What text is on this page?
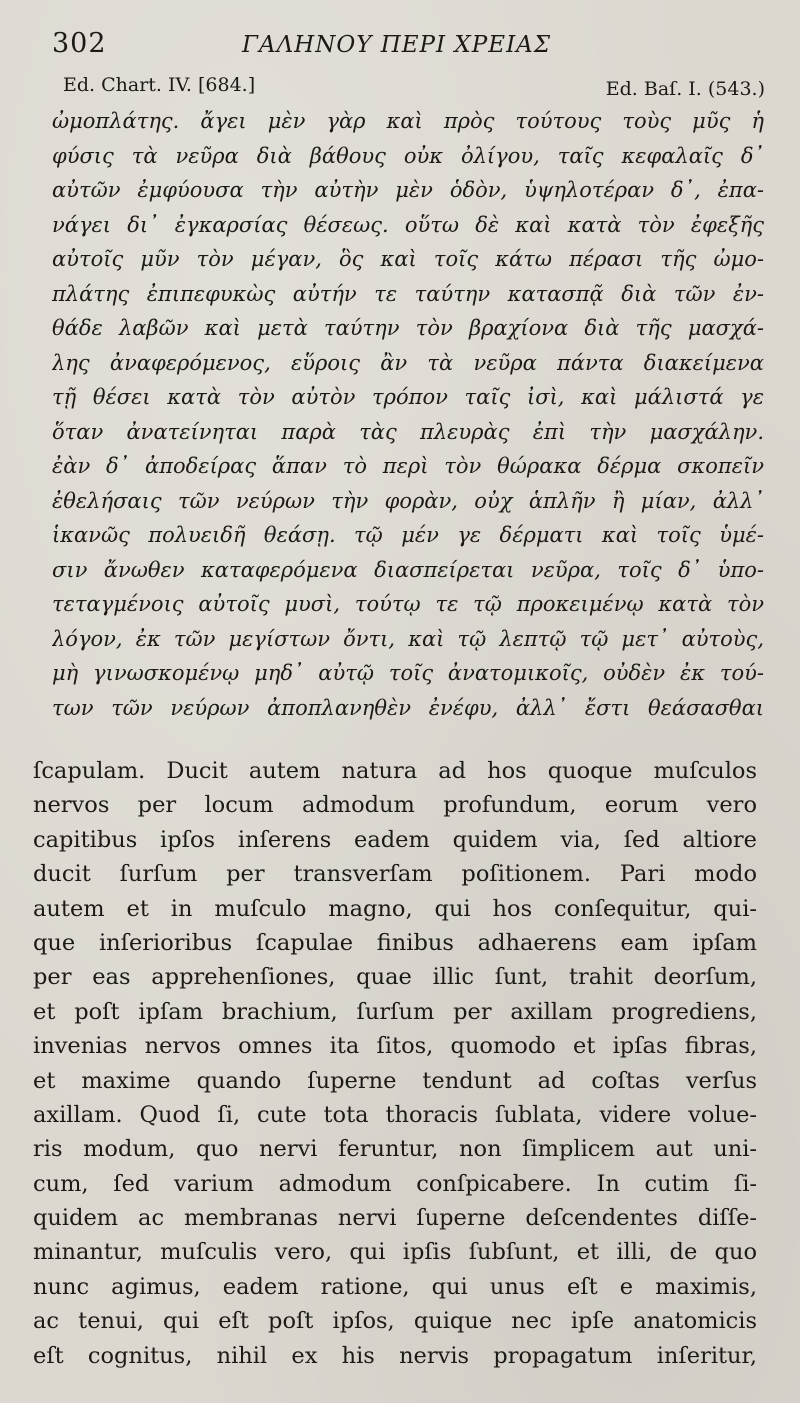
302	ΓΑΛΗΝΟΥ ΠΕΡΙ ΧΡΕΙΑΣ
Ed. Chart. IV. [684.]	Ed. Baſ. I. (543.)
ὠμοπλάτης. ἄγει μὲν γὰρ καὶ πρὸς τούτους τοὺς μῦς ἡ
φύσις τὰ νεῦρα διὰ βάθους οὐκ ὀλίγου, ταῖς κεφαλαῖς δ᾽
αὐτῶν ἐμφύουσα τὴν αὐτὴν μὲν ὁδὸν, ὑψηλοτέραν δ᾽, ἐπα-
νάγει δι᾽ ἐγκαρσίας θέσεως. οὕτω δὲ καὶ κατὰ τὸν ἐφεξῆς
αὐτοῖς μῦν τὸν μέγαν, ὃς καὶ τοῖς κάτω πέρασι τῆς ὠμο-
πλάτης ἐπιπεφυκὼς αὐτήν τε ταύτην κατασπᾷ διὰ τῶν ἐν-
θάδε λαβῶν καὶ μετὰ ταύτην τὸν βραχίονα διὰ τῆς μασχά-
λης ἀναφερόμενος, εὕροις ἂν τὰ νεῦρα πάντα διακείμενα
τῇ θέσει κατὰ τὸν αὐτὸν τρόπον ταῖς ἰσὶ, καὶ μάλιστά γε
ὅταν ἀνατείνηται παρὰ τὰς πλευρὰς ἐπὶ τὴν μασχάλην.
ἐὰν δ᾽ ἀποδείρας ἅπαν τὸ περὶ τὸν θώρακα δέρμα σκοπεῖν
ἐθελήσαις τῶν νεύρων τὴν φορὰν, οὐχ ἁπλῆν ἢ μίαν, ἀλλ᾽
ἱκανῶς πολυειδῆ θεάσῃ. τῷ μέν γε δέρματι καὶ τοῖς ὑμέ-
σιν ἄνωθεν καταφερόμενα διασπείρεται νεῦρα, τοῖς δ᾽ ὑπο-
τεταγμένοις αὐτοῖς μυσὶ, τούτῳ τε τῷ προκειμένῳ κατὰ τὸν
λόγον, ἐκ τῶν μεγίστων ὄντι, καὶ τῷ λεπτῷ τῷ μετ᾽ αὐτοὺς,
μὴ γινωσκομένῳ μηδ᾽ αὐτῷ τοῖς ἀνατομικοῖς, οὐδὲν ἐκ τού-
των τῶν νεύρων ἀποπλανηθὲν ἐνέφυ, ἀλλ᾽ ἔστι θεάσασθαι
ſcapulam. Ducit autem natura ad hos quoque muſculos
nervos per locum admodum profundum, eorum vero
capitibus ipſos inſerens eadem quidem via, ſed altiore
ducit ſurſum per transverſam poſitionem. Pari modo
autem et in muſculo magno, qui hos conſequitur, qui-
que inſerioribus ſcapulae finibus adhaerens eam ipſam
per eas apprehenſiones, quae illic ſunt, trahit deorſum,
et poſt ipſam brachium, ſurſum per axillam progrediens,
invenias nervos omnes ita ſitos, quomodo et ipſas fibras,
et maxime quando ſuperne tendunt ad coſtas verſus
axillam. Quod ſi, cute tota thoracis ſublata, videre volue-
ris modum, quo nervi feruntur, non ſimplicem aut uni-
cum, ſed varium admodum conſpicabere. In cutim ſi-
quidem ac membranas nervi ſuperne deſcendentes diſſe-
minantur, muſculis vero, qui ipſis ſubſunt, et illi, de quo
nunc agimus, eadem ratione, qui unus eſt e maximis,
ac tenui, qui eſt poſt ipſos, quique nec ipſe anatomicis
eſt cognitus, nihil ex his nervis propagatum inſeritur,
